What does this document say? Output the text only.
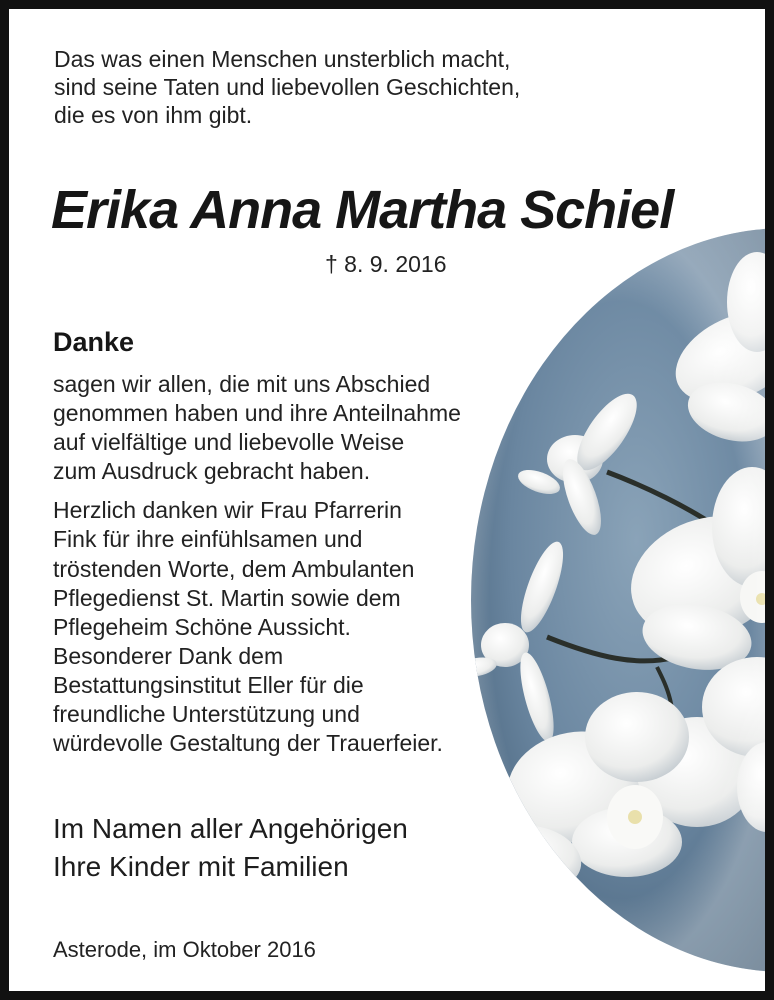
Das was einen Menschen unsterblich macht,
sind seine Taten und liebevollen Geschichten,
die es von ihm gibt.
Erika Anna Martha Schiel
† 8. 9. 2016
Danke
sagen wir allen, die mit uns Abschied
genommen haben und ihre Anteilnahme
auf vielfältige und liebevolle Weise
zum Ausdruck gebracht haben.
Herzlich danken wir Frau Pfarrerin
Fink für ihre einfühlsamen und
tröstenden Worte, dem Ambulanten
Pflegedienst St. Martin sowie dem
Pflegeheim Schöne Aussicht.
Besonderer Dank dem
Bestattungsinstitut Eller für die
freundliche Unterstützung und
würdevolle Gestaltung der Trauerfeier.
Im Namen aller Angehörigen
Ihre Kinder mit Familien
Asterode, im Oktober 2016
